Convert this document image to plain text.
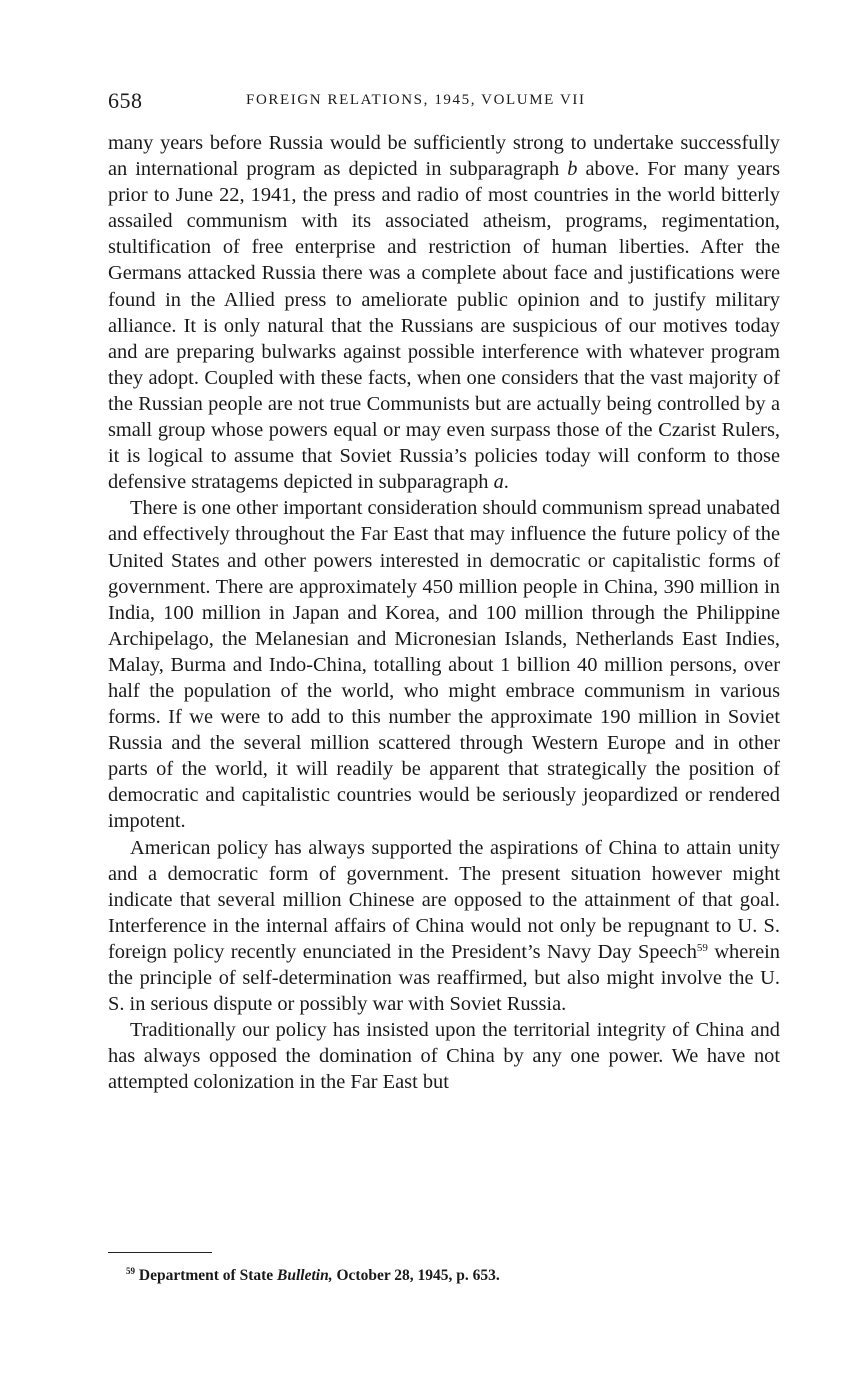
658	FOREIGN RELATIONS, 1945, VOLUME VII

many years before Russia would be sufficiently strong to undertake successfully an international program as depicted in subparagraph b above. For many years prior to June 22, 1941, the press and radio of most countries in the world bitterly assailed communism with its associated atheism, programs, regimentation, stultification of free enterprise and restriction of human liberties. After the Germans attacked Russia there was a complete about face and justifications were found in the Allied press to ameliorate public opinion and to justify military alliance. It is only natural that the Russians are suspicious of our motives today and are preparing bulwarks against possible interference with whatever program they adopt. Coupled with these facts, when one considers that the vast majority of the Russian people are not true Communists but are actually being controlled by a small group whose powers equal or may even surpass those of the Czarist Rulers, it is logical to assume that Soviet Russia’s policies today will conform to those defensive stratagems depicted in subparagraph a.

There is one other important consideration should communism spread unabated and effectively throughout the Far East that may influence the future policy of the United States and other powers interested in democratic or capitalistic forms of government. There are approximately 450 million people in China, 390 million in India, 100 million in Japan and Korea, and 100 million through the Philippine Archipelago, the Melanesian and Micronesian Islands, Netherlands East Indies, Malay, Burma and Indo-China, totalling about 1 billion 40 million persons, over half the population of the world, who might embrace communism in various forms. If we were to add to this number the approximate 190 million in Soviet Russia and the several million scattered through Western Europe and in other parts of the world, it will readily be apparent that strategically the position of democratic and capitalistic countries would be seriously jeopardized or rendered impotent.

American policy has always supported the aspirations of China to attain unity and a democratic form of government. The present situation however might indicate that several million Chinese are opposed to the attainment of that goal. Interference in the internal affairs of China would not only be repugnant to U. S. foreign policy recently enunciated in the President’s Navy Day Speech$^{59}$ wherein the principle of self-determination was reaffirmed, but also might involve the U. S. in serious dispute or possibly war with Soviet Russia.

Traditionally our policy has insisted upon the territorial integrity of China and has always opposed the domination of China by any one power. We have not attempted colonization in the Far East but

$^{59}$ Department of State Bulletin, October 28, 1945, p. 653.
